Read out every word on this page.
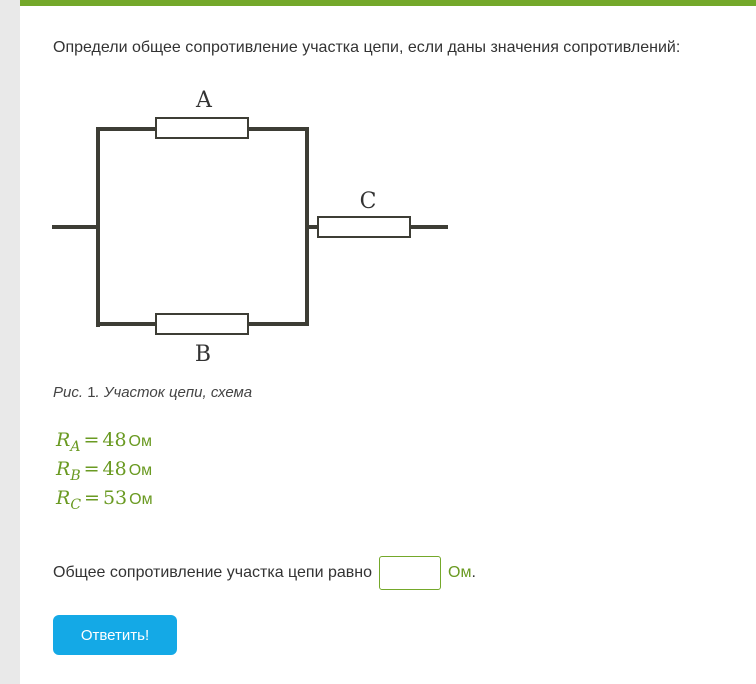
Определи общее сопротивление участка цепи, если даны значения сопротивлений:
A
B
C
Рис. 1. Участок цепи, схема
RA = 48 Ом
RB = 48 Ом
RC = 53 Ом
Общее сопротивление участка цепи равно	Ом .
Ответить!
